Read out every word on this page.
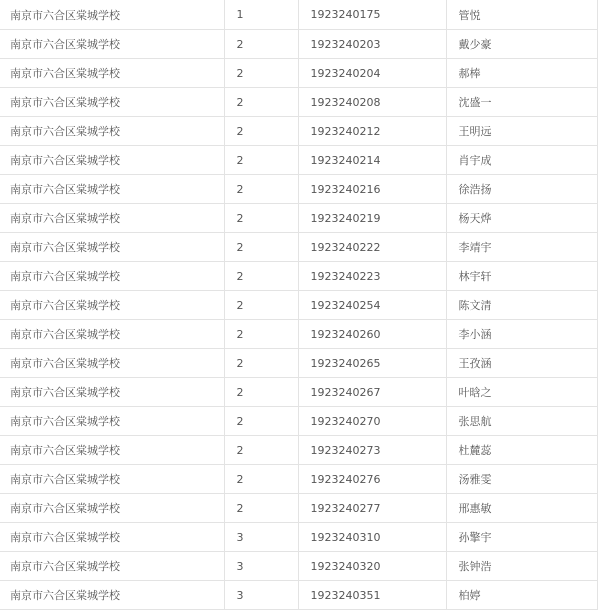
南京市六合区棠城学校	1	1923240175	管悦
南京市六合区棠城学校	2	1923240203	戴少豪
南京市六合区棠城学校	2	1923240204	郝棒
南京市六合区棠城学校	2	1923240208	沈盛一
南京市六合区棠城学校	2	1923240212	王明远
南京市六合区棠城学校	2	1923240214	肖宇成
南京市六合区棠城学校	2	1923240216	徐浩扬
南京市六合区棠城学校	2	1923240219	杨天烨
南京市六合区棠城学校	2	1923240222	李靖宇
南京市六合区棠城学校	2	1923240223	林宇轩
南京市六合区棠城学校	2	1923240254	陈文清
南京市六合区棠城学校	2	1923240260	李小涵
南京市六合区棠城学校	2	1923240265	王孜涵
南京市六合区棠城学校	2	1923240267	叶晗之
南京市六合区棠城学校	2	1923240270	张思航
南京市六合区棠城学校	2	1923240273	杜麓蕊
南京市六合区棠城学校	2	1923240276	汤雅雯
南京市六合区棠城学校	2	1923240277	邢惠敏
南京市六合区棠城学校	3	1923240310	孙擎宇
南京市六合区棠城学校	3	1923240320	张钟浩
南京市六合区棠城学校	3	1923240351	柏婷
